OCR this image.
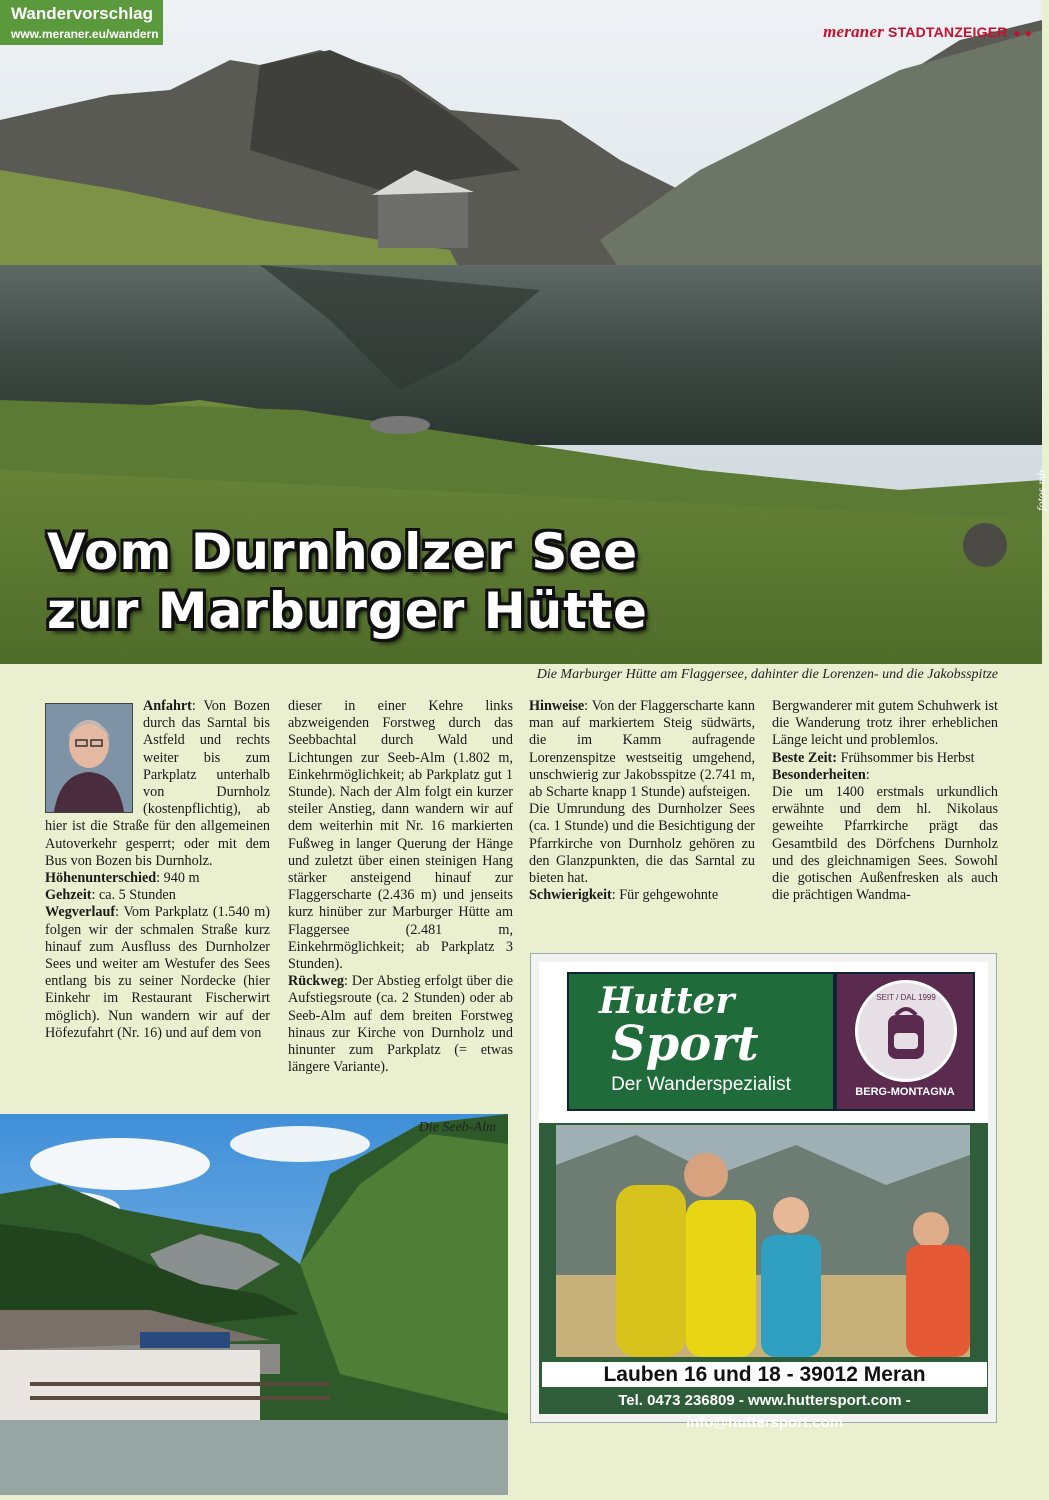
Wandervorschlag
www.meraner.eu/wandern	meraner STADTANZEIGER ● ●
fotos mb
Vom Durnholzer See
zur Marburger Hütte
Die Marburger Hütte am Flaggersee, dahinter die Lorenzen- und die Jakobsspitze

Anfahrt: Von Bozen durch das Sarntal bis Astfeld und rechts weiter bis zum Parkplatz unterhalb von Durnholz (kostenpflichtig), ab hier ist die Straße für den allgemeinen Autoverkehr gesperrt; oder mit dem Bus von Bozen bis Durnholz.

Höhenunterschied: 940 m

Gehzeit: ca. 5 Stunden

Wegverlauf: Vom Parkplatz (1.540 m) folgen wir der schmalen Straße kurz hinauf zum Ausfluss des Durnholzer Sees und weiter am Westufer des Sees entlang bis zu seiner Nordecke (hier Einkehr im Restaurant Fischerwirt möglich). Nun wandern wir auf der Höfezufahrt (Nr. 16) und auf dem von

dieser in einer Kehre links abzweigenden Forstweg durch das Seebbachtal durch Wald und Lichtungen zur Seeb-Alm (1.802 m, Einkehrmöglichkeit; ab Parkplatz gut 1 Stunde). Nach der Alm folgt ein kurzer steiler Anstieg, dann wandern wir auf dem weiterhin mit Nr. 16 markierten Fußweg in langer Querung der Hänge und zuletzt über einen steinigen Hang stärker ansteigend hinauf zur Flaggerscharte (2.436 m) und jenseits kurz hinüber zur Marburger Hütte am Flaggersee (2.481 m, Einkehrmöglichkeit; ab Parkplatz 3 Stunden).

Rückweg: Der Abstieg erfolgt über die Aufstiegsroute (ca. 2 Stunden) oder ab Seeb-Alm auf dem breiten Forstweg hinaus zur Kirche von Durnholz und hinunter zum Parkplatz (= etwas längere Variante).

Hinweise: Von der Flaggerscharte kann man auf markiertem Steig südwärts, die im Kamm aufragende Lorenzenspitze westseitig umgehend, unschwierig zur Jakobsspitze (2.741 m, ab Scharte knapp 1 Stunde) aufsteigen.

Die Umrundung des Durnholzer Sees (ca. 1 Stunde) und die Besichtigung der Pfarrkirche von Durnholz gehören zu den Glanzpunkten, die das Sarntal zu bieten hat.

Schwierigkeit: Für gehgewohnte

Bergwanderer mit gutem Schuhwerk ist die Wanderung trotz ihrer erheblichen Länge leicht und problemlos.

Beste Zeit: Frühsommer bis Herbst

Besonderheiten:

Die um 1400 erstmals urkundlich erwähnte und dem hl. Nikolaus geweihte Pfarrkirche prägt das Gesamtbild des Dörfchens Durnholz und des gleichnamigen Sees. Sowohl die gotischen Außenfresken als auch die prächtigen Wandma-

Die Seeb-Alm
Hutter
Sport
Der Wanderspezialist
SEIT / DAL 1999
BERG-MONTAGNA
Lauben 16 und 18 - 39012 Meran
Tel. 0473 236809 - www.huttersport.com - info@huttersport.com
